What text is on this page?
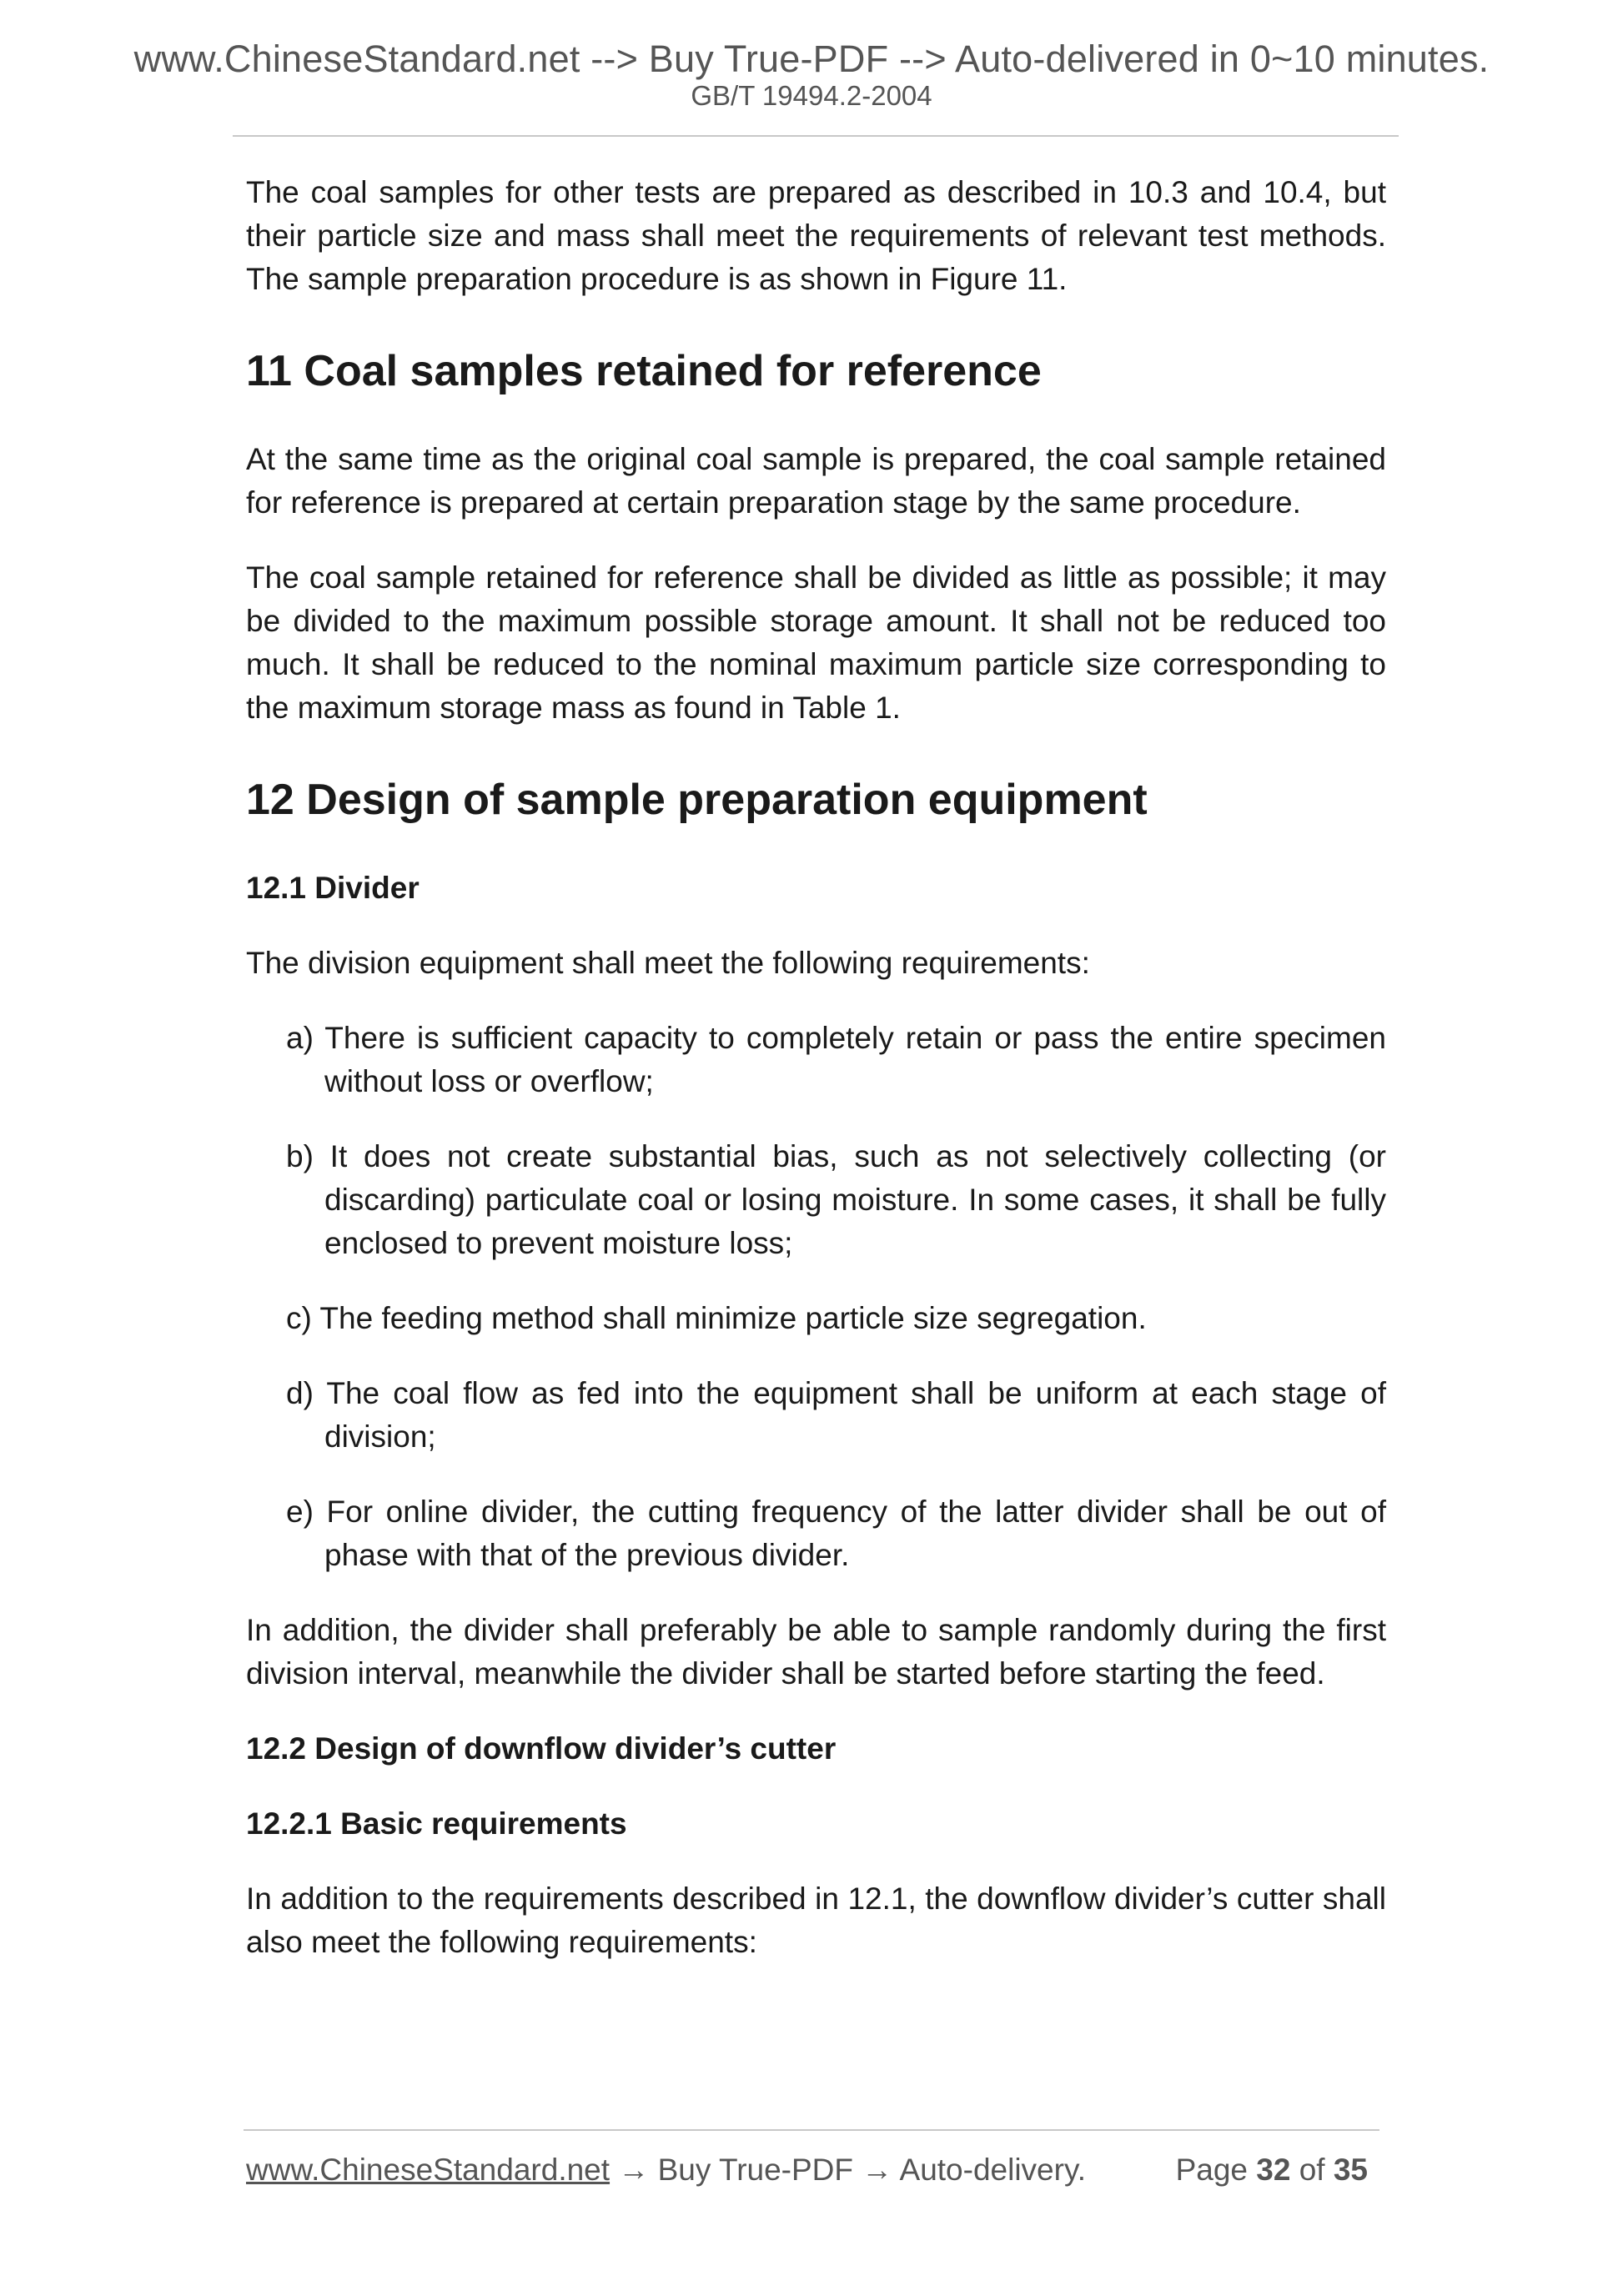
www.ChineseStandard.net --> Buy True-PDF --> Auto-delivered in 0~10 minutes.
GB/T 19494.2-2004

The coal samples for other tests are prepared as described in 10.3 and 10.4, but their particle size and mass shall meet the requirements of relevant test methods. The sample preparation procedure is as shown in Figure 11.

11 Coal samples retained for reference

At the same time as the original coal sample is prepared, the coal sample retained for reference is prepared at certain preparation stage by the same procedure.

The coal sample retained for reference shall be divided as little as possible; it may be divided to the maximum possible storage amount. It shall not be reduced too much. It shall be reduced to the nominal maximum particle size corresponding to the maximum storage mass as found in Table 1.

12 Design of sample preparation equipment
12.1 Divider

The division equipment shall meet the following requirements:

a) There is sufficient capacity to completely retain or pass the entire specimen without loss or overflow;

b) It does not create substantial bias, such as not selectively collecting (or discarding) particulate coal or losing moisture. In some cases, it shall be fully enclosed to prevent moisture loss;

c) The feeding method shall minimize particle size segregation.

d) The coal flow as fed into the equipment shall be uniform at each stage of division;

e) For online divider, the cutting frequency of the latter divider shall be out of phase with that of the previous divider.

In addition, the divider shall preferably be able to sample randomly during the first division interval, meanwhile the divider shall be started before starting the feed.

12.2 Design of downflow divider’s cutter
12.2.1 Basic requirements

In addition to the requirements described in 12.1, the downflow divider’s cutter shall also meet the following requirements:

www.ChineseStandard.net → Buy True-PDF → Auto-delivery.	Page 32 of 35
